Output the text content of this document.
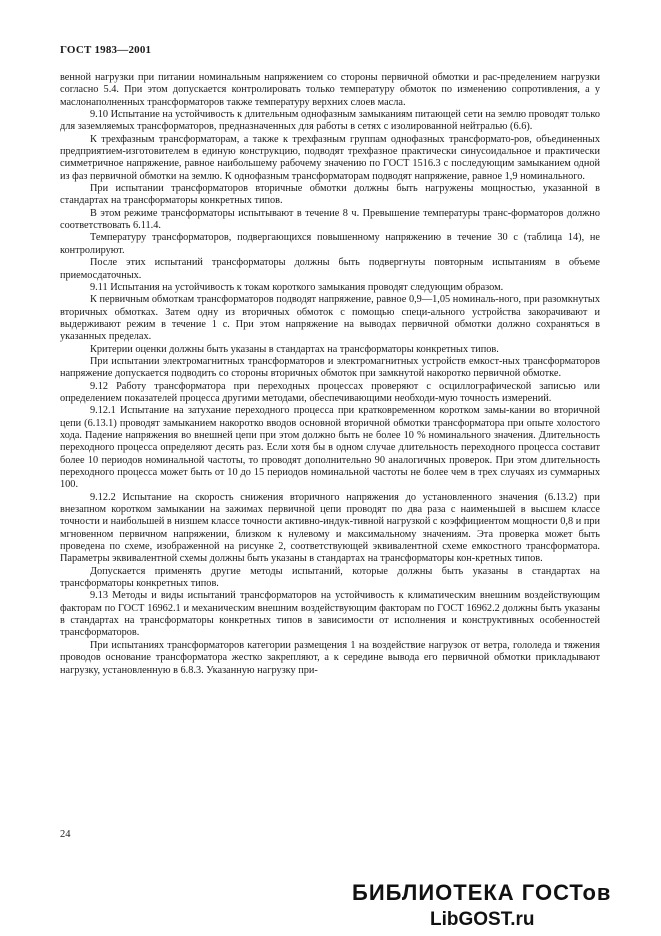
ГОСТ 1983—2001

венной нагрузки при питании номинальным напряжением со стороны первичной обмотки и рас-пределением нагрузки согласно 5.4. При этом допускается контролировать только температуру обмоток по изменению сопротивления, а у маслонаполненных трансформаторов также температуру верхних слоев масла.

9.10 Испытание на устойчивость к длительным однофазным замыканиям питающей сети на землю проводят только для заземляемых трансформаторов, предназначенных для работы в сетях с изолированной нейтралью (6.6).

К трехфазным трансформаторам, а также к трехфазным группам однофазных трансформато-ров, объединенных предприятием-изготовителем в единую конструкцию, подводят трехфазное практически синусоидальное и практически симметричное напряжение, равное наибольшему рабочему значению по ГОСТ 1516.3 с последующим замыканием одной из фаз первичной обмотки на землю. К однофазным трансформаторам подводят напряжение, равное 1,9 номинального.

При испытании трансформаторов вторичные обмотки должны быть нагружены мощностью, указанной в стандартах на трансформаторы конкретных типов.

В этом режиме трансформаторы испытывают в течение 8 ч. Превышение температуры транс-форматоров должно соответствовать 6.11.4.

Температуру трансформаторов, подвергающихся повышенному напряжению в течение 30 с (таблица 14), не контролируют.

После этих испытаний трансформаторы должны быть подвергнуты повторным испытаниям в объеме приемосдаточных.

9.11 Испытания на устойчивость к токам короткого замыкания проводят следующим образом.

К первичным обмоткам трансформаторов подводят напряжение, равное 0,9—1,05 номиналь-ного, при разомкнутых вторичных обмотках. Затем одну из вторичных обмоток с помощью специ-ального устройства закорачивают и выдерживают режим в течение 1 с. При этом напряжение на выводах первичной обмотки должно сохраняться в указанных пределах.

Критерии оценки должны быть указаны в стандартах на трансформаторы конкретных типов.

При испытании электромагнитных трансформаторов и электромагнитных устройств емкост-ных трансформаторов напряжение допускается подводить со стороны вторичных обмоток при замкнутой накоротко первичной обмотке.

9.12 Работу трансформатора при переходных процессах проверяют с осциллографической записью или определением показателей процесса другими методами, обеспечивающими необходи-мую точность измерений.

9.12.1 Испытание на затухание переходного процесса при кратковременном коротком замы-кании во вторичной цепи (6.13.1) проводят замыканием накоротко вводов основной вторичной обмотки трансформатора при опыте холостого хода. Падение напряжения во внешней цепи при этом должно быть не более 10 % номинального значения. Длительность переходного процесса определяют десять раз. Если хотя бы в одном случае длительность переходного процесса составит более 10 периодов номинальной частоты, то проводят дополнительно 90 аналогичных проверок. При этом длительность переходного процесса может быть от 10 до 15 периодов номинальной частоты не более чем в трех случаях из суммарных 100.

9.12.2 Испытание на скорость снижения вторичного напряжения до установленного значения (6.13.2) при внезапном коротком замыкании на зажимах первичной цепи проводят по два раза с наименьшей в высшем классе точности и наибольшей в низшем классе точности активно-индук-тивной нагрузкой с коэффициентом мощности 0,8 и при мгновенном первичном напряжении, близком к нулевому и максимальному значениям. Эта проверка может быть проведена по схеме, изображенной на рисунке 2, соответствующей эквивалентной схеме емкостного трансформатора. Параметры эквивалентной схемы должны быть указаны в стандартах на трансформаторы кон-кретных типов.

Допускается применять другие методы испытаний, которые должны быть указаны в стандартах на трансформаторы конкретных типов.

9.13 Методы и виды испытаний трансформаторов на устойчивость к климатическим внешним воздействующим факторам по ГОСТ 16962.1 и механическим внешним воздействующим факторам по ГОСТ 16962.2 должны быть указаны в стандартах на трансформаторы конкретных типов в зависимости от исполнения и конструктивных особенностей трансформаторов.

При испытаниях трансформаторов категории размещения 1 на воздействие нагрузок от ветра, гололеда и тяжения проводов основание трансформатора жестко закрепляют, а к середине вывода его первичной обмотки прикладывают нагрузку, установленную в 6.8.3. Указанную нагрузку при-

24
БИБЛИОТЕКА ГОСТов
LibGOST.ru
